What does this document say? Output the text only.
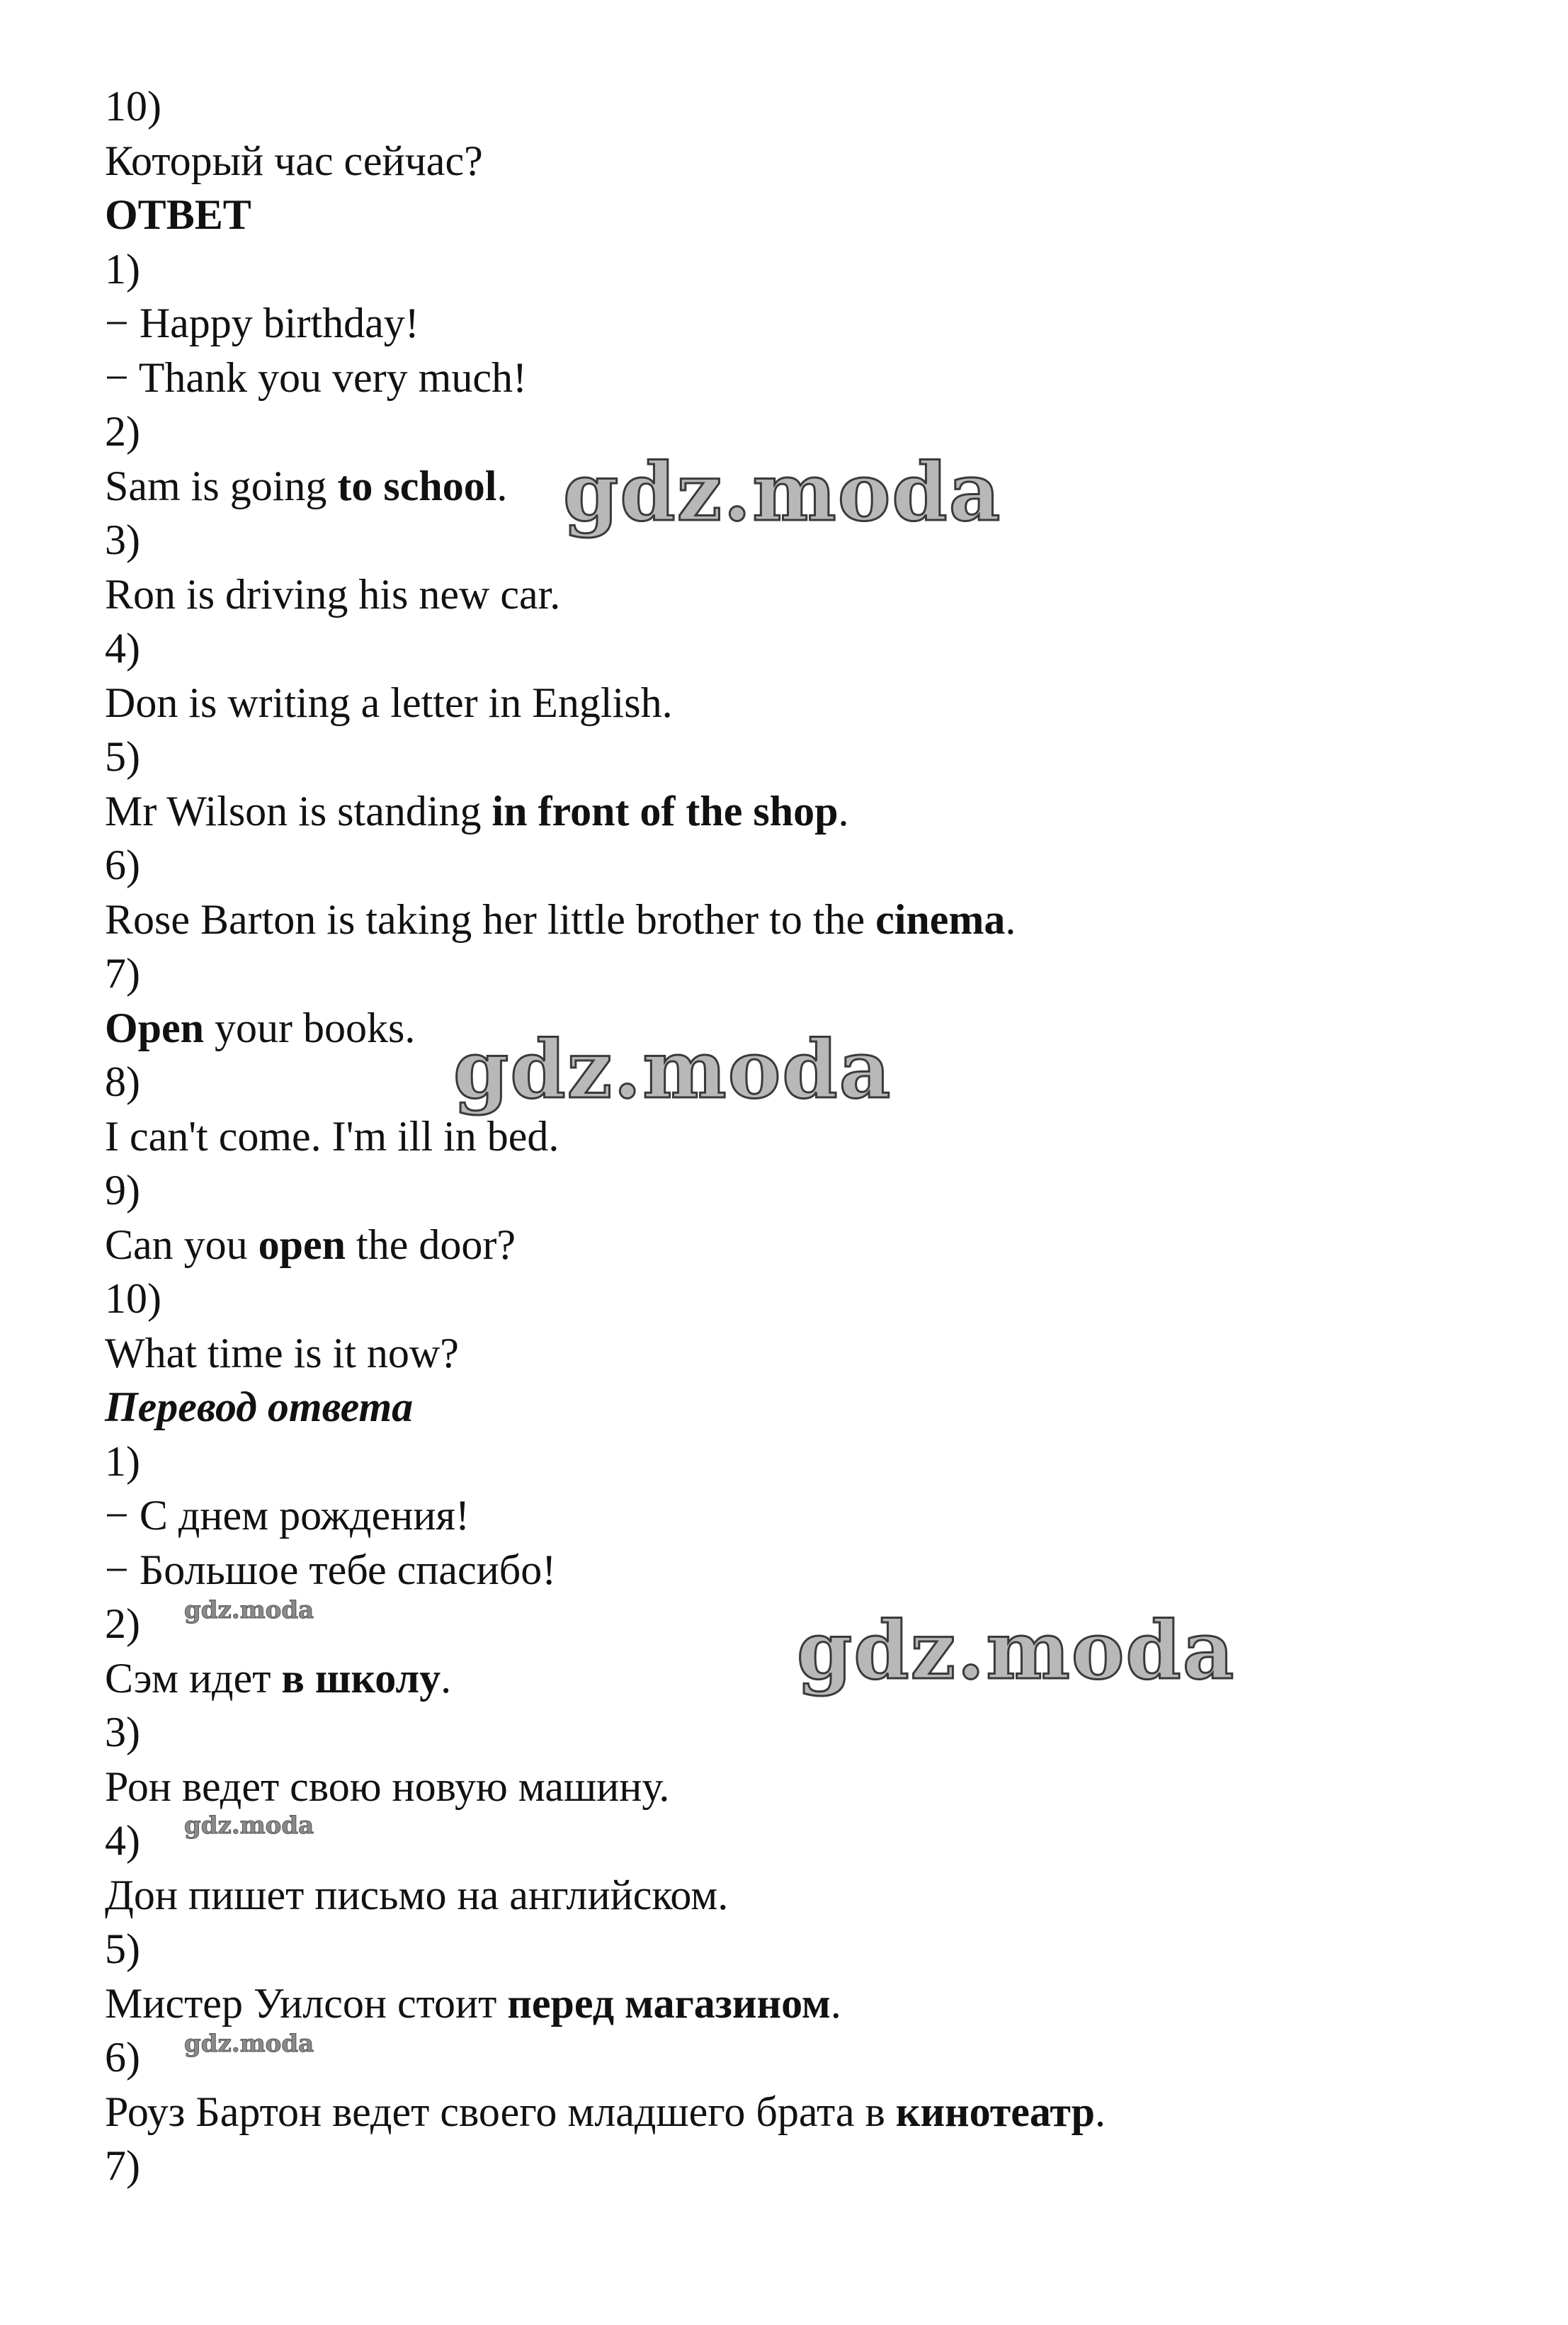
10)
Который час сейчас?
ОТВЕТ
1)
− Happy birthday!
− Thank you very much!
2)
Sam is going to school.
3)
Ron is driving his new car.
4)
Don is writing a letter in English.
5)
Mr Wilson is standing in front of the shop.
6)
Rose Barton is taking her little brother to the cinema.
7)
Open your books.
8)
I can't come. I'm ill in bed.
9)
Can you open the door?
10)
What time is it now?
Перевод ответа
1)
− С днем рождения!
− Большое тебе спасибо!
2)
Сэм идет в школу.
3)
Рон ведет свою новую машину.
4)
Дон пишет письмо на английском.
5)
Мистер Уилсон стоит перед магазином.
6)
Роуз Бартон ведет своего младшего брата в кинотеатр.
7)
gdz.moda
gdz.moda
gdz.moda
gdz.moda
gdz.moda
gdz.moda
